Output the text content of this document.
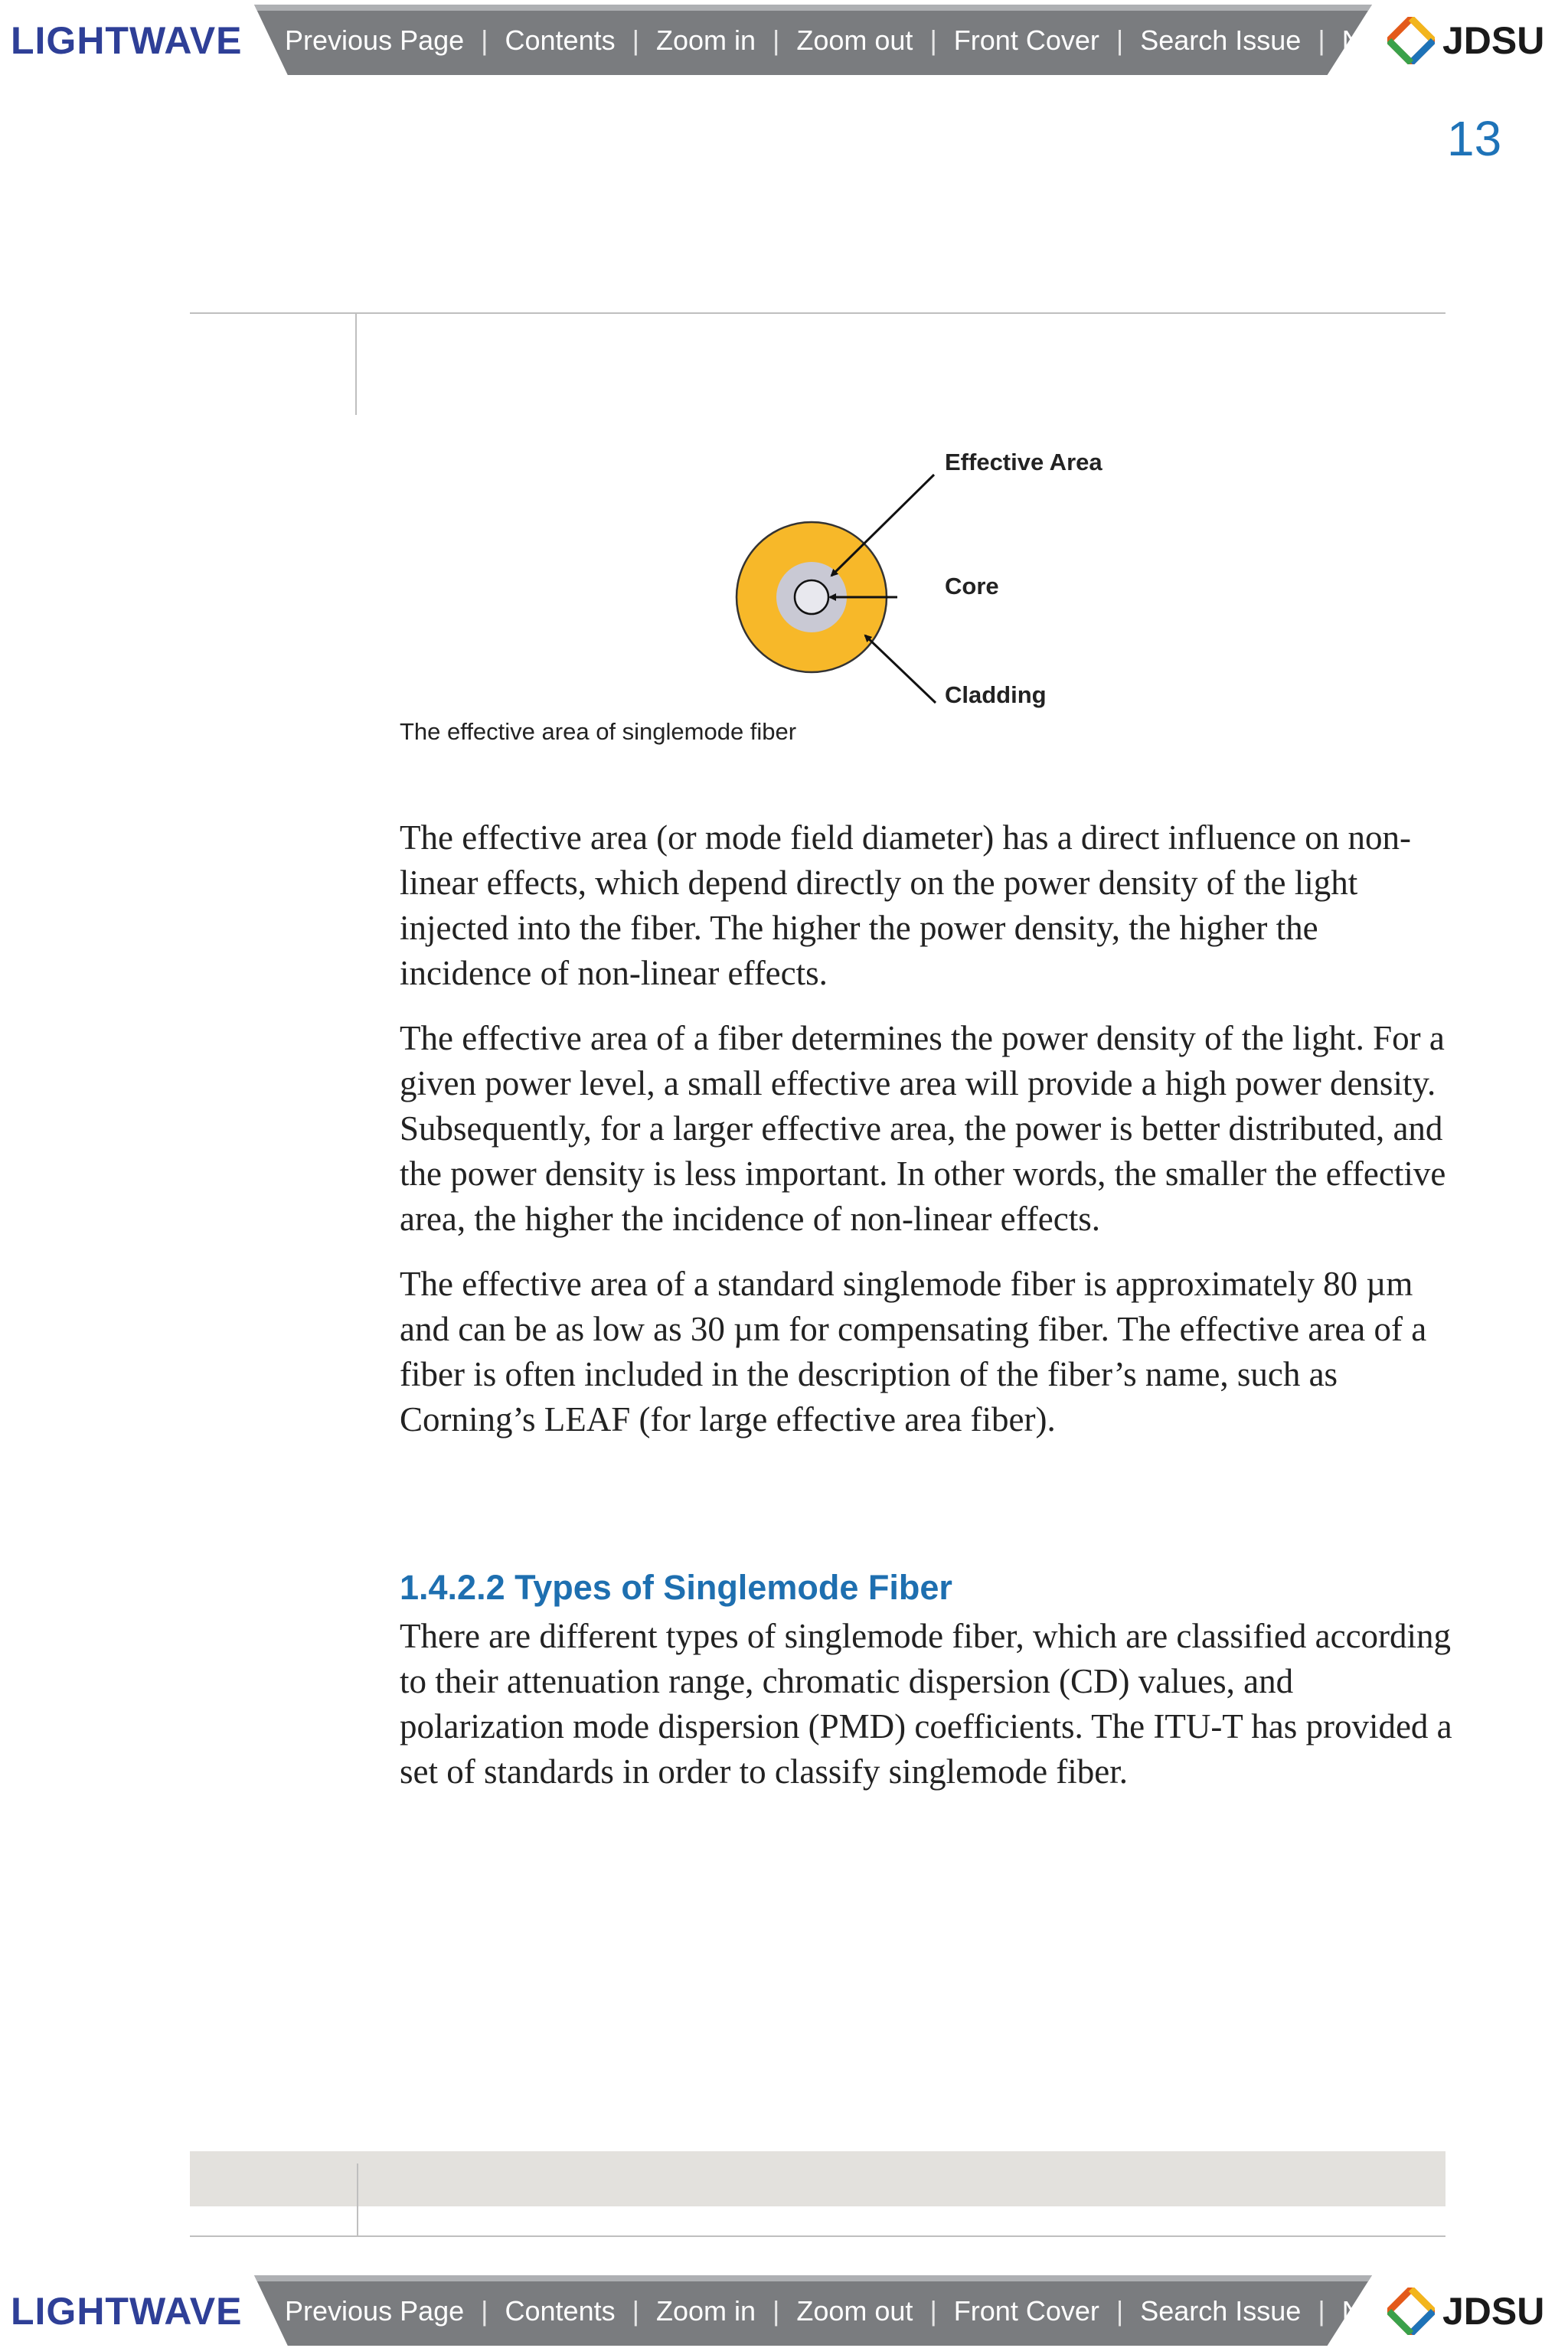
LIGHTWAVE Previous Page | Contents | Zoom in | Zoom out | Front Cover | Search Issue | Next Page
JDSU
13
Effective Area
Core
Cladding
The effective area of singlemode fiber

The effective area (or mode field diameter) has a direct influence on non-linear effects, which depend directly on the power density of the light injected into the fiber. The higher the power density, the higher the incidence of non-linear effects.

The effective area of a fiber determines the power density of the light. For a given power level, a small effective area will provide a high power density. Subsequently, for a larger effective area, the power is better distributed, and the power density is less important. In other words, the smaller the effective area, the higher the incidence of non-linear effects.

The effective area of a standard singlemode fiber is approximately 80 µm and can be as low as 30 µm for compensating fiber. The effective area of a fiber is often included in the description of the fiber’s name, such as Corning’s LEAF (for large effective area fiber).

1.4.2.2 Types of Singlemode Fiber

There are different types of singlemode fiber, which are classified according to their attenuation range, chromatic dispersion (CD) values, and polarization mode dispersion (PMD) coefficients. The ITU-T has provided a set of standards in order to classify singlemode fiber.

LIGHTWAVE Previous Page | Contents | Zoom in | Zoom out | Front Cover | Search Issue | Next Page
JDSU
